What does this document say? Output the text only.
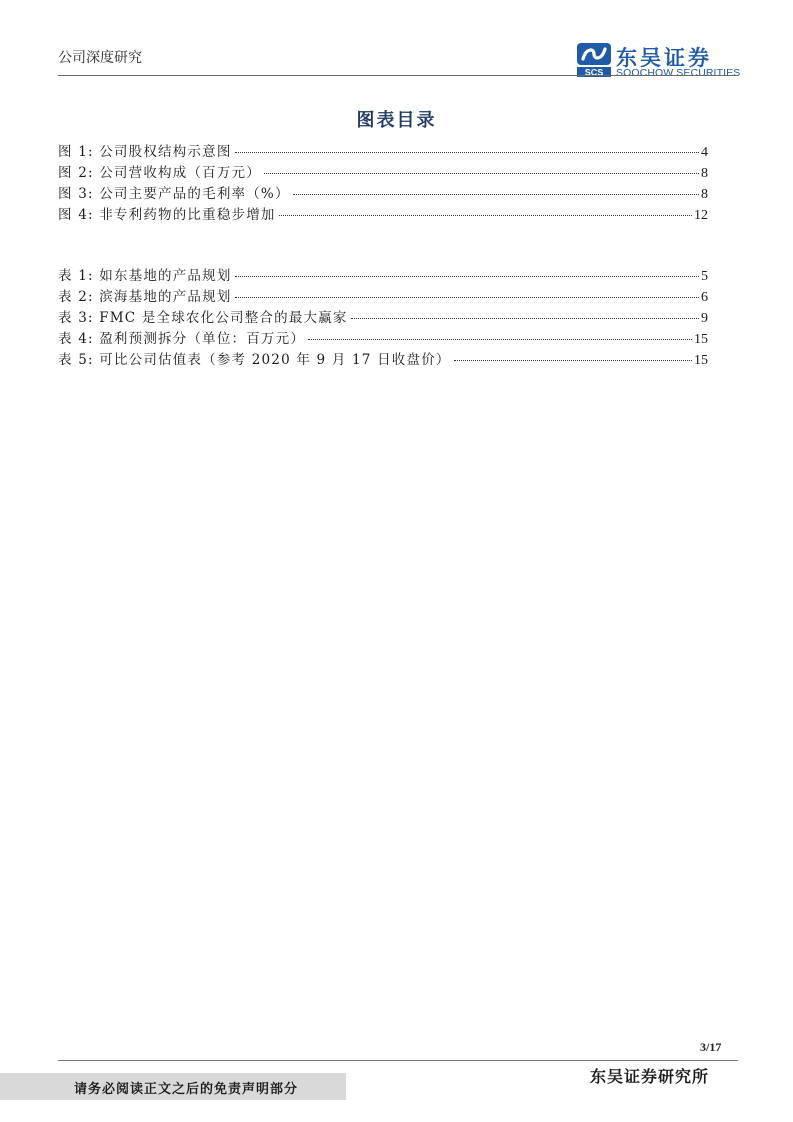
公司深度研究
SCS
东吴证券
SOOCHOW SECURITIES
图表目录
图 1: 公司股权结构示意图	4
图 2: 公司营收构成（百万元）	8
图 3: 公司主要产品的毛利率（%）	8
图 4: 非专利药物的比重稳步增加	12
表 1: 如东基地的产品规划	5
表 2: 滨海基地的产品规划	6
表 3: FMC 是全球农化公司整合的最大赢家	9
表 4: 盈利预测拆分（单位：百万元）	15
表 5: 可比公司估值表（参考 2020 年 9 月 17 日收盘价）	15
3/17
请务必阅读正文之后的免责声明部分
东吴证券研究所
